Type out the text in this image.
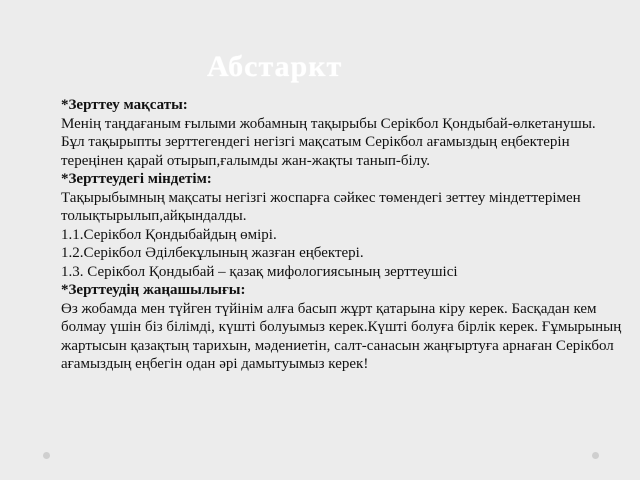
Абстаркт

*Зерттеу мақсаты:

Менің таңдағаным ғылыми жобамның тақырыбы Серікбол Қондыбай-өлкетанушы.

Бұл тақырыпты зерттегендегі негізгі мақсатым Серікбол ағамыздың еңбектерін тереңінен қарай отырып,ғалымды жан-жақты танып-білу.

*Зерттеудегі міндетім:

Тақырыбымның мақсаты негізгі жоспарға сәйкес төмендегі зеттеу міндеттерімен толықтырылып,айқындалды.

1.1.Серікбол Қондыбайдың өмірі.

1.2.Серікбол Әділбекұлының жазған еңбектері.

1.3. Серікбол Қондыбай – қазақ мифологиясының зерттеушісі

*Зерттеудің жаңашылығы:

Өз жобамда мен түйген түйінім алға басып жұрт қатарына кіру керек. Басқадан кем болмау үшін біз білімді, күшті болуымыз керек.Күшті болуға бірлік керек. Ғұмырының жартысын қазақтың тарихын, мәдениетін, салт-санасын жаңғыртуға арнаған Серікбол ағамыздың еңбегін одан әрі дамытуымыз керек!
